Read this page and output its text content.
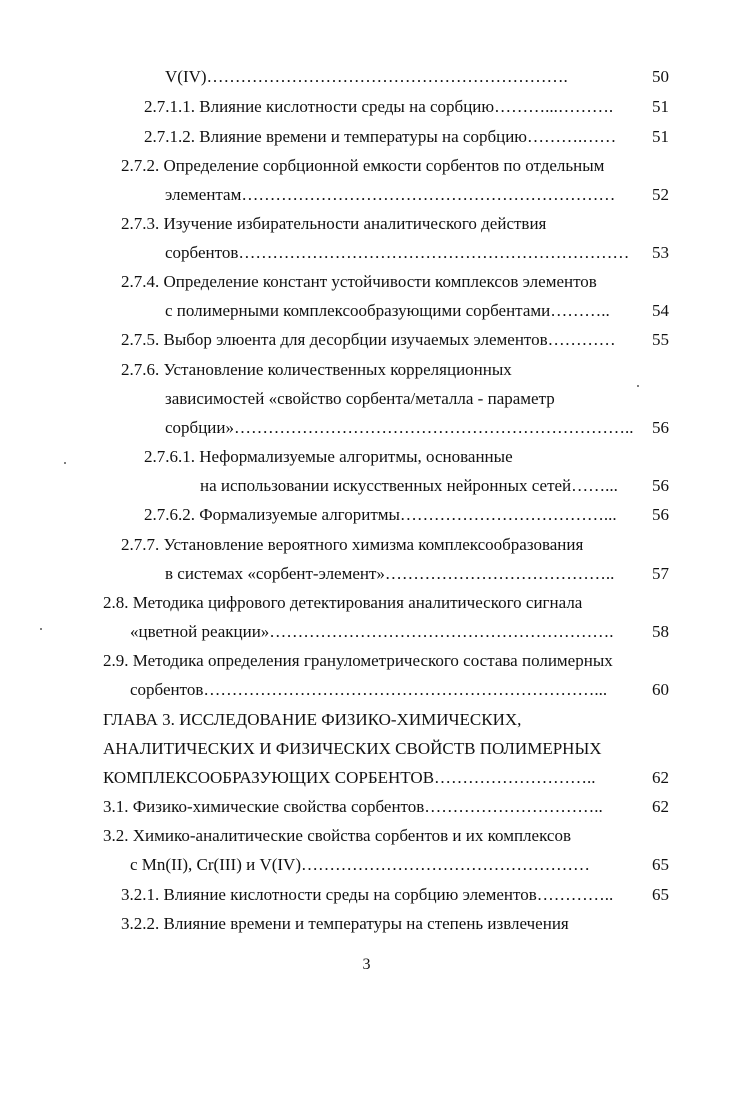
V(IV)……………………………………………………….	50
2.7.1.1. Влияние кислотности среды на сорбцию………...………. 51
2.7.1.2. Влияние времени и температуры на сорбцию……….…… 51
2.7.2. Определение сорбционной емкости сорбентов по отдельным
элементам………………………………………………………… 52
2.7.3. Изучение избирательности аналитического действия
сорбентов…………………………………………………………… 53
2.7.4. Определение констант устойчивости комплексов элементов
с полимерными комплексообразующими сорбентами……….. 54
2.7.5. Выбор элюента для десорбции изучаемых элементов………… 55
2.7.6. Установление количественных корреляционных
зависимостей «свойство сорбента/металла - параметр
сорбции»…………………………………………………………….. 56
2.7.6.1. Неформализуемые алгоритмы, основанные
на использовании искусственных нейронных сетей……... 56
2.7.6.2. Формализуемые алгоритмы………………………………... 56
2.7.7. Установление вероятного химизма комплексообразования
в системах «сорбент-элемент»………………………………….. 57
2.8. Методика цифрового детектирования аналитического сигнала
«цветной реакции»……………………………………………………. 58
2.9. Методика определения гранулометрического состава полимерных
сорбентов……………………………………………………………...	60
ГЛАВА 3. ИССЛЕДОВАНИЕ ФИЗИКО-ХИМИЧЕСКИХ,
АНАЛИТИЧЕСКИХ И ФИЗИЧЕСКИХ СВОЙСТВ ПОЛИМЕРНЫХ
КОМПЛЕКСООБРАЗУЮЩИХ СОРБЕНТОВ………………………..	62
3.1. Физико-химические свойства сорбентов…………………………..	62
3.2. Химико-аналитические свойства сорбентов и их комплексов
с Mn(II), Cr(III) и V(IV)……………………………………………	65
3.2.1. Влияние кислотности среды на сорбцию элементов………….. 65
3.2.2. Влияние времени и температуры на степень извлечения
3
